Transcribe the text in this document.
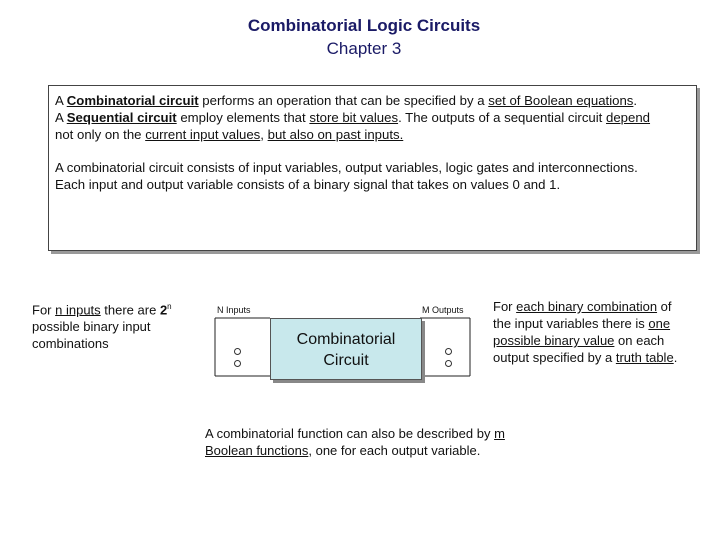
Combinatorial Logic Circuits
Chapter 3
A Combinatorial circuit performs an operation that can be specified by a set of Boolean equations.
A Sequential circuit employ elements that store bit values. The outputs of a sequential circuit depend
not only on the current input values, but also on past inputs.
A combinatorial circuit consists of input variables, output variables, logic gates and interconnections.
Each input and output variable consists of a binary signal that takes on values 0 and 1.
For n inputs there are 2$^n$ possible binary input combinations
N Inputs	M Outputs
Combinatorial
Circuit
For each binary combination of the input variables there is one possible binary value on each output specified by a truth table.
A combinatorial function can also be described by m Boolean functions, one for each output variable.
